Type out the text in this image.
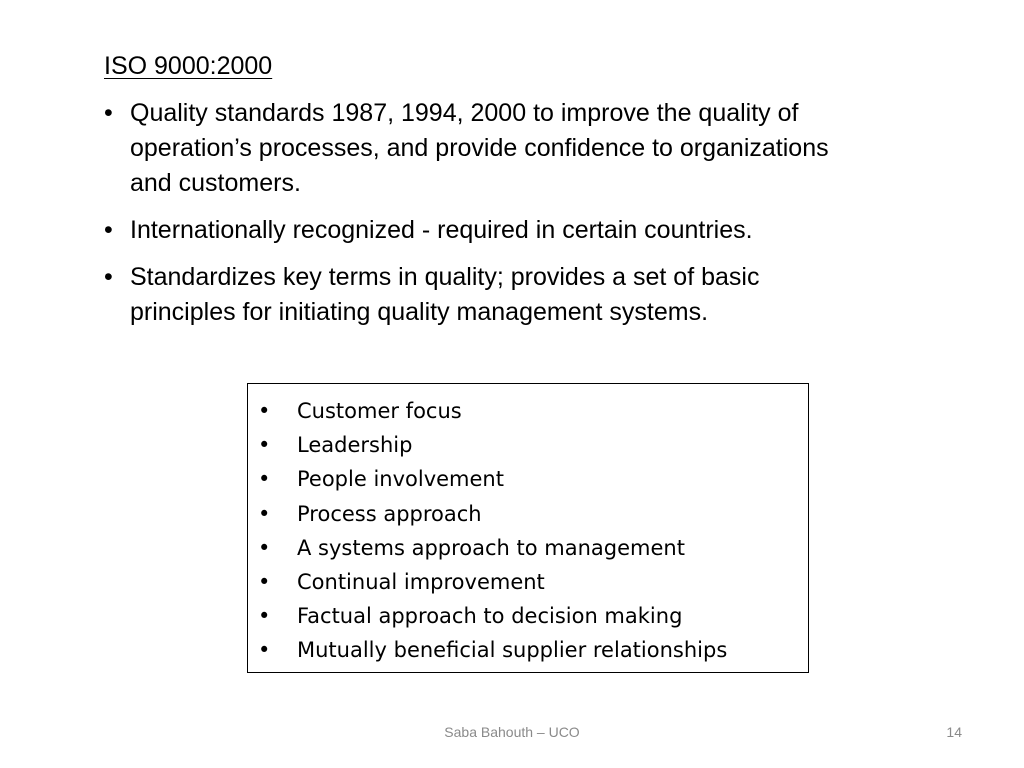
ISO 9000:2000
• Quality standards 1987, 1994, 2000 to improve the quality of operation’s processes, and provide confidence to organizations and customers.
• Internationally recognized - required in certain countries.
• Standardizes key terms in quality; provides a set of basic principles for initiating quality management systems.
•	Customer focus
•	Leadership
•	People involvement
•	Process approach
•	A systems approach to management
•	Continual improvement
•	Factual approach to decision making
•	Mutually beneficial supplier relationships
Saba Bahouth – UCO	14
